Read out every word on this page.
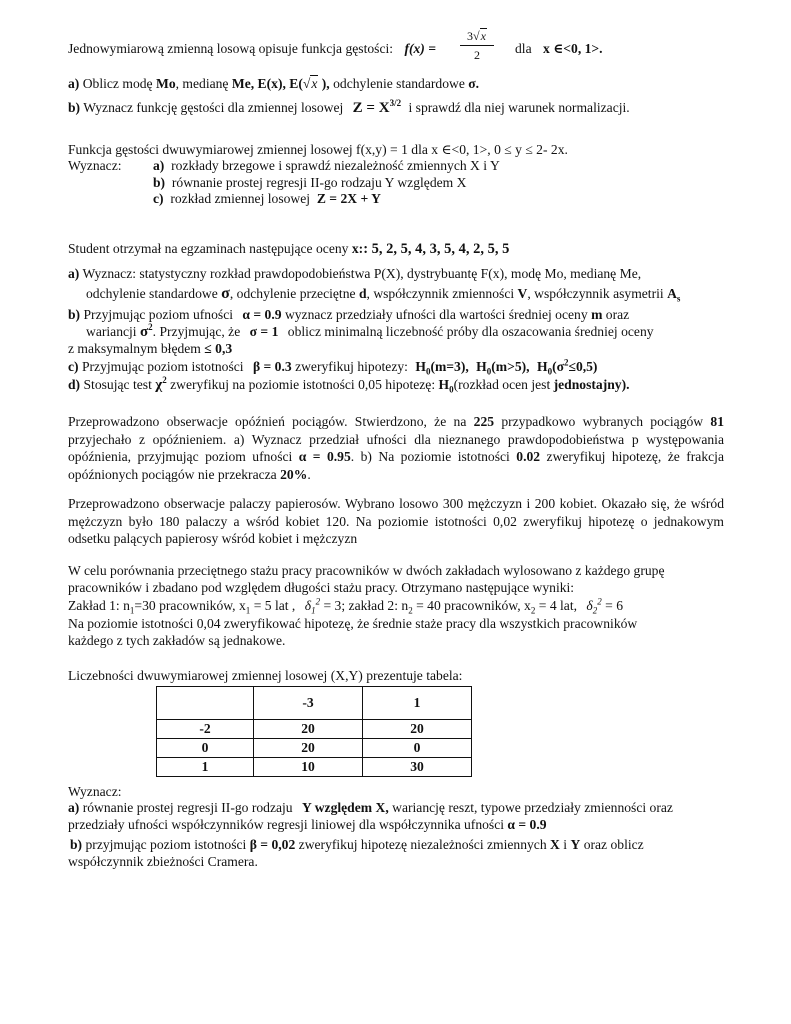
Jednowymiarową zmienną losową opisuje funkcja gęstości: $f(x) = \frac{3√x}{2}$ dla x ∈<0, 1>.
a) Oblicz modę Mo, medianę Me, E(x), E(√x ), odchylenie standardowe σ.
b) Wyznacz funkcję gęstości dla zmiennej losowej $Z = X^{3/2}$ i sprawdź dla niej warunek normalizacji.
Funkcja gęstości dwuwymiarowej zmiennej losowej f(x,y) = 1 dla x ∈<0, 1>, 0 ≤ y ≤ 2- 2x.
Wyznacz: a) rozkłady brzegowe i sprawdź niezależność zmiennych X i Y
b) równanie prostej regresji II-go rodzaju Y względem X
c) rozkład zmiennej losowej Z = 2X + Y
Student otrzymał na egzaminach następujące oceny x:: 5, 2, 5, 4, 3, 5, 4, 2, 5, 5
a) Wyznacz: statystyczny rozkład prawdopodobieństwa P(X), dystrybuantę F(x), modę Mo, medianę Me,
odchylenie standardowe σ, odchylenie przeciętne d, współczynnik zmienności V, współczynnik asymetrii $A_s$
b) Przyjmując poziom ufności α = 0.9 wyznacz przedziały ufności dla wartości średniej oceny m oraz
wariancji $\sigma^2$. Przyjmując, że σ = 1 oblicz minimalną liczebność próby dla oszacowania średniej oceny
z maksymalnym błędem ≤ 0,3
c) Przyjmując poziom istotności β = 0.3 zweryfikuj hipotezy: $H_0(m=3)$, $H_0(m>5)$, $H_0(\sigma^2\le 0,5)$
d) Stosując test $\chi^2$ zweryfikuj na poziomie istotności 0,05 hipotezę: $H_0(rozkład$ ocen jest jednostajny).
Przeprowadzono obserwacje opóźnień pociągów. Stwierdzono, że na 225 przypadkowo wybranych pociągów 81 przyjechało z opóźnieniem. a) Wyznacz przedział ufności dla nieznanego prawdopodobieństwa p występowania opóźnienia, przyjmując poziom ufności α = 0.95. b) Na poziomie istotności 0.02 zweryfikuj hipotezę, że frakcja opóźnionych pociągów nie przekracza 20%.
Przeprowadzono obserwacje palaczy papierosów. Wybrano losowo 300 mężczyzn i 200 kobiet. Okazało się, że wśród mężczyzn było 180 palaczy a wśród kobiet 120. Na poziomie istotności 0,02 zweryfikuj hipotezę o jednakowym odsetku palących papierosy wśród kobiet i mężczyzn
W celu porównania przeciętnego stażu pracy pracowników w dwóch zakładach wylosowano z każdego grupę
pracowników i zbadano pod względem długości stażu pracy. Otrzymano następujące wyniki:
Zakład 1: $n_1=30$ pracowników, $x_1 = 5$ lat , $\delta_1^2 = 3$; zakład 2: $n_2 = 40$ pracowników, $x_2 = 4$ lat, $\delta_2^2 = 6$
Na poziomie istotności 0,04 zweryfikować hipotezę, że średnie staże pracy dla wszystkich pracowników
każdego z tych zakładów są jednakowe.
Liczebności dwuwymiarowej zmiennej losowej (X,Y) prezentuje tabela:
	-3	1
-2	20	20
0	20	0
1	10	30
Wyznacz:
a) równanie prostej regresji II-go rodzaju Y względem X, wariancję reszt, typowe przedziały zmienności oraz
przedziały ufności współczynników regresji liniowej dla współczynnika ufności α = 0.9
b) przyjmując poziom istotności β = 0,02 zweryfikuj hipotezę niezależności zmiennych X i Y oraz oblicz
współczynnik zbieżności Cramera.
